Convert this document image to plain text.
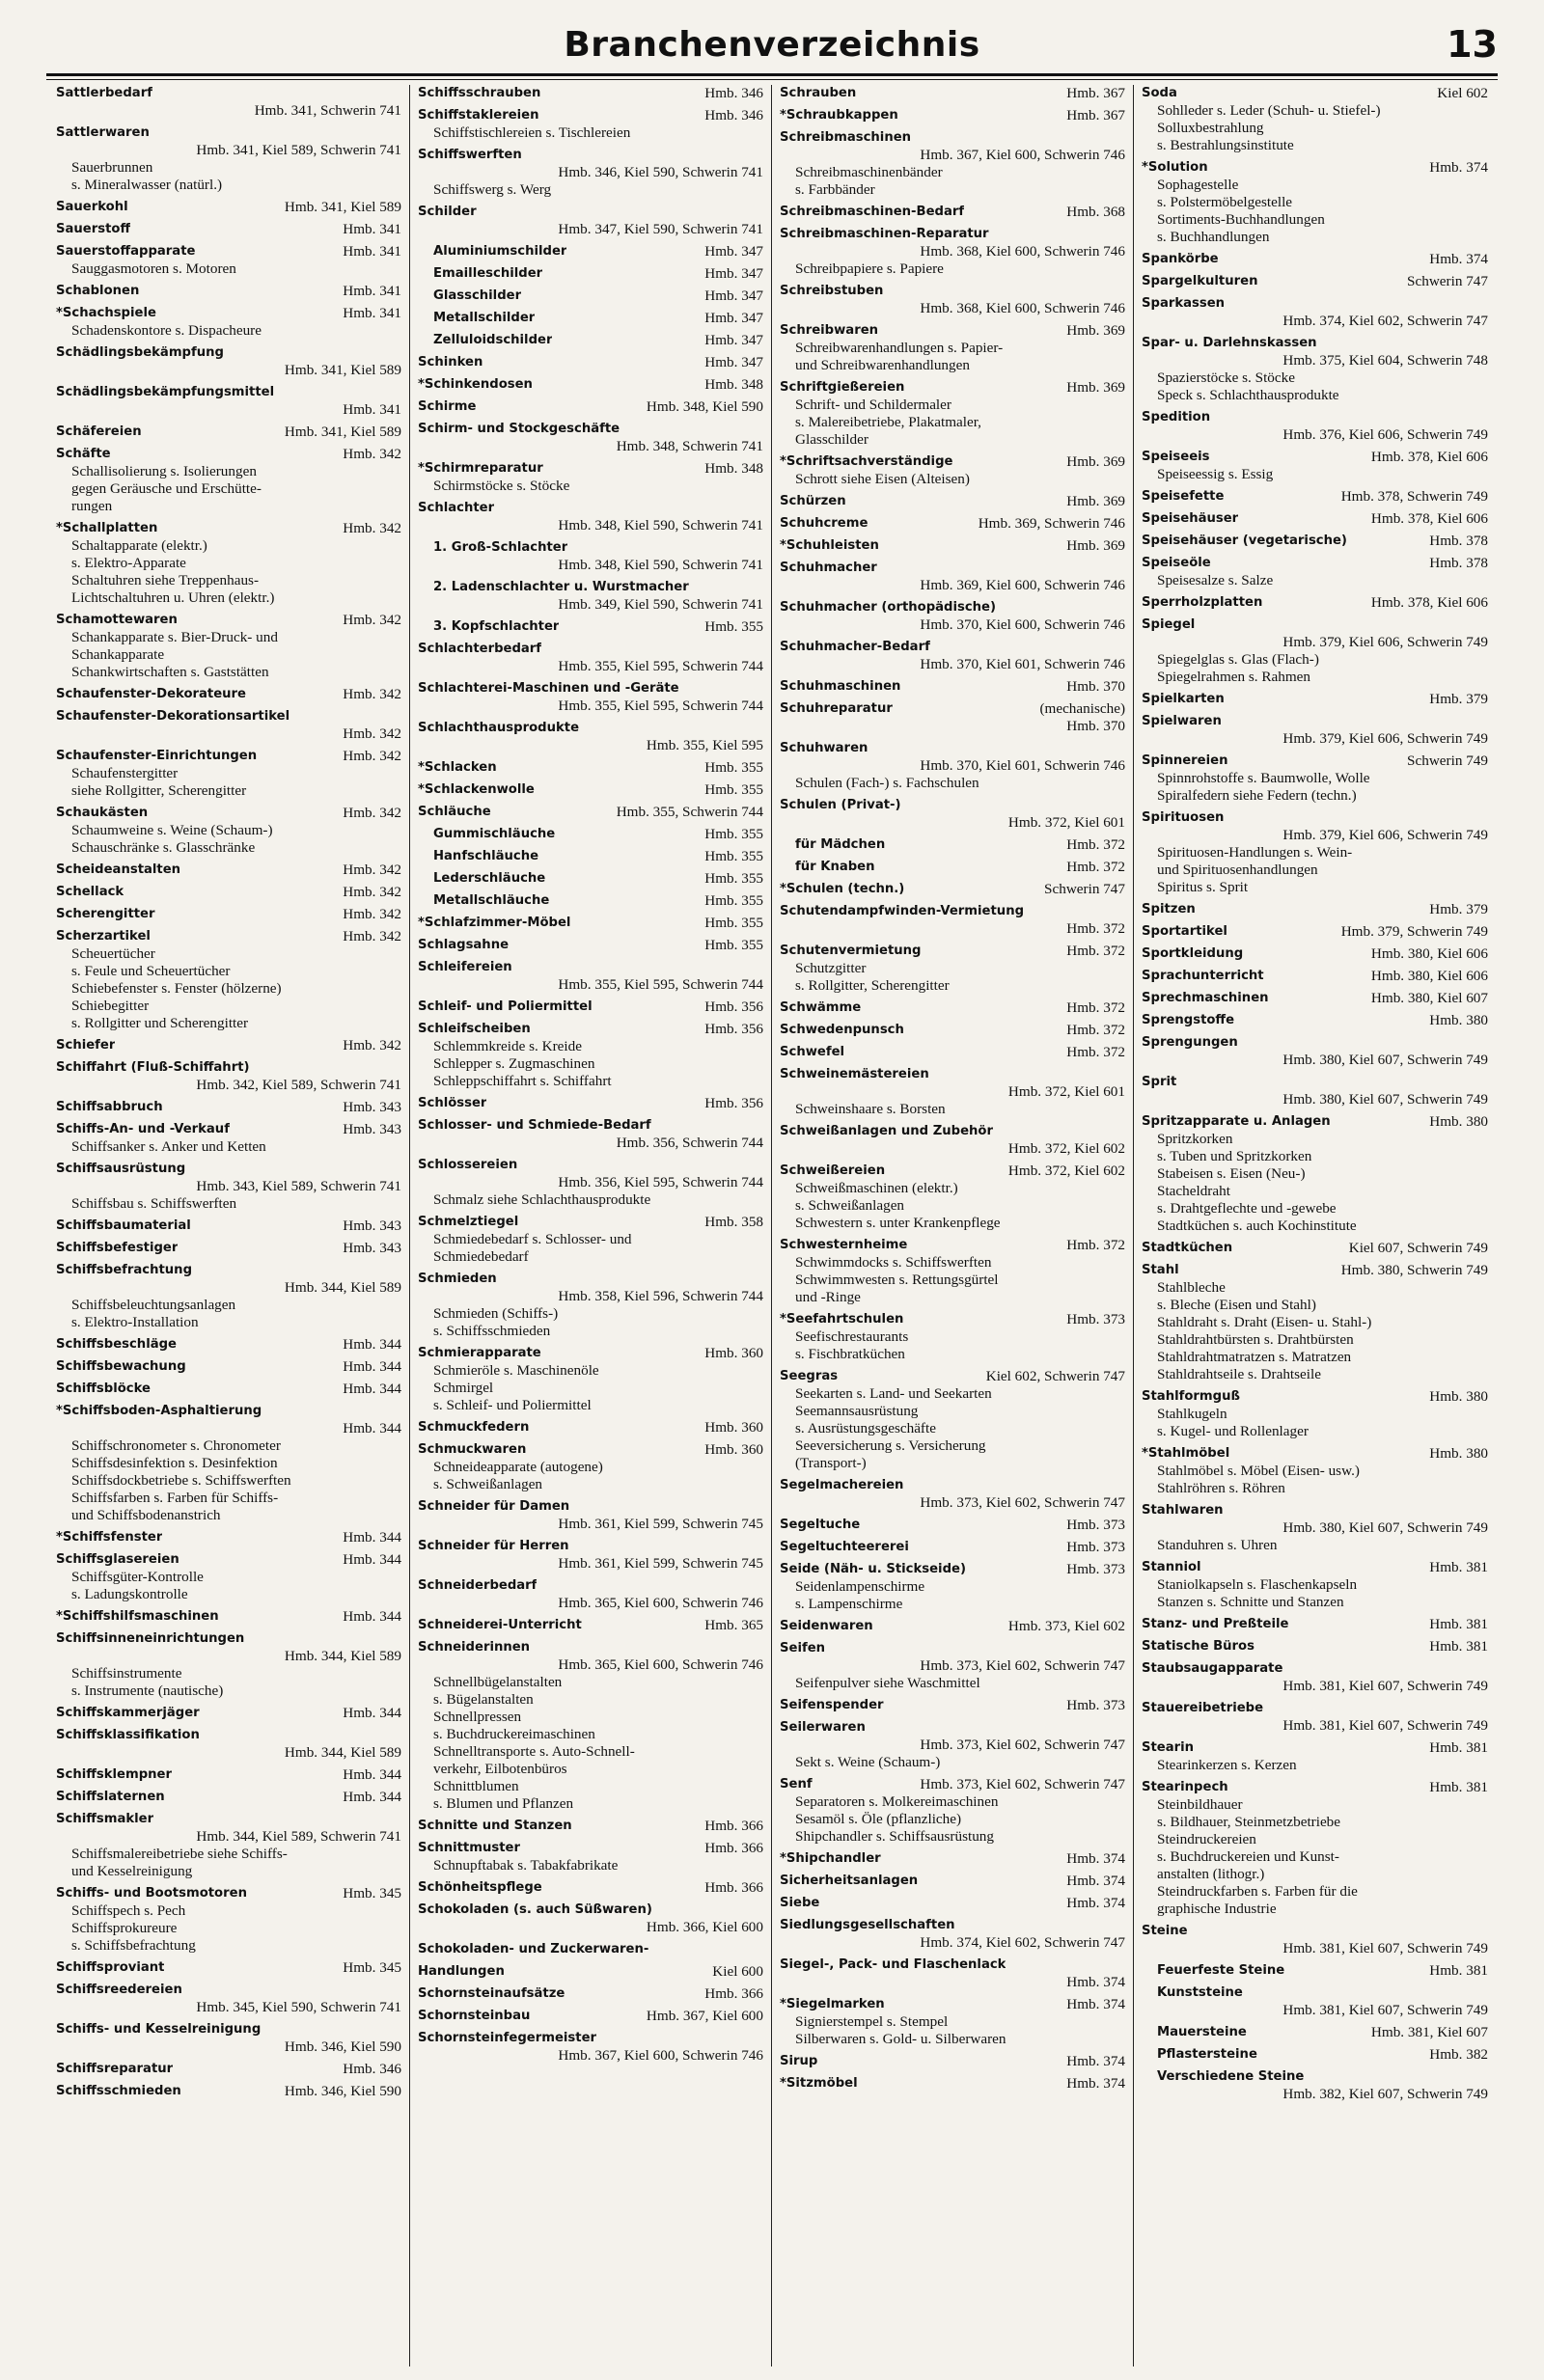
Branchenverzeichnis	13
Sattlerbedarf
Hmb. 341, Schwerin 741
Sattlerwaren
Hmb. 341, Kiel 589, Schwerin 741
Sauerbrunnen
s. Mineralwasser (natürl.)
Sauerkohl	Hmb. 341, Kiel 589
Sauerstoff	Hmb. 341
Sauerstoffapparate	Hmb. 341
Sauggasmotoren s. Motoren
Schablonen	Hmb. 341
*Schachspiele	Hmb. 341
Schadenskontore s. Dispacheure
Schädlingsbekämpfung
Hmb. 341, Kiel 589
Schädlingsbekämpfungsmittel
Hmb. 341
Schäfereien	Hmb. 341, Kiel 589
Schäfte	Hmb. 342
Schallisolierung s. Isolierungen
gegen Geräusche und Erschütte-
rungen
*Schallplatten	Hmb. 342
Schaltapparate (elektr.)
s. Elektro-Apparate
Schaltuhren siehe Treppenhaus-
Lichtschaltuhren u. Uhren (elektr.)
Schamottewaren	Hmb. 342
Schankapparate s. Bier-Druck- und
Schankapparate
Schankwirtschaften s. Gaststätten
Schaufenster-Dekorateure	Hmb. 342
Schaufenster-Dekorationsartikel
Hmb. 342
Schaufenster-Einrichtungen	Hmb. 342
Schaufenstergitter
siehe Rollgitter, Scherengitter
Schaukästen	Hmb. 342
Schaumweine s. Weine (Schaum-)
Schauschränke s. Glasschränke
Scheideanstalten	Hmb. 342
Schellack	Hmb. 342
Scherengitter	Hmb. 342
Scherzartikel	Hmb. 342
Scheuertücher
s. Feule und Scheuertücher
Schiebefenster s. Fenster (hölzerne)
Schiebegitter
s. Rollgitter und Scherengitter
Schiefer	Hmb. 342
Schiffahrt (Fluß-Schiffahrt)
Hmb. 342, Kiel 589, Schwerin 741
Schiffsabbruch	Hmb. 343
Schiffs-An- und -Verkauf	Hmb. 343
Schiffsanker s. Anker und Ketten
Schiffsausrüstung
Hmb. 343, Kiel 589, Schwerin 741
Schiffsbau s. Schiffswerften
Schiffsbaumaterial	Hmb. 343
Schiffsbefestiger	Hmb. 343
Schiffsbefrachtung
Hmb. 344, Kiel 589
Schiffsbeleuchtungsanlagen
s. Elektro-Installation
Schiffsbeschläge	Hmb. 344
Schiffsbewachung	Hmb. 344
Schiffsblöcke	Hmb. 344
*Schiffsboden-Asphaltierung
Hmb. 344
Schiffschronometer s. Chronometer
Schiffsdesinfektion s. Desinfektion
Schiffsdockbetriebe s. Schiffswerften
Schiffsfarben s. Farben für Schiffs-
und Schiffsbodenanstrich
*Schiffsfenster	Hmb. 344
Schiffsglasereien	Hmb. 344
Schiffsgüter-Kontrolle
s. Ladungskontrolle
*Schiffshilfsmaschinen	Hmb. 344
Schiffsinneneinrichtungen
Hmb. 344, Kiel 589
Schiffsinstrumente
s. Instrumente (nautische)
Schiffskammerjäger	Hmb. 344
Schiffsklassifikation
Hmb. 344, Kiel 589
Schiffsklempner	Hmb. 344
Schiffslaternen	Hmb. 344
Schiffsmakler
Hmb. 344, Kiel 589, Schwerin 741
Schiffsmalereibetriebe siehe Schiffs-
und Kesselreinigung
Schiffs- und Bootsmotoren	Hmb. 345
Schiffspech s. Pech
Schiffsprokureure
s. Schiffsbefrachtung
Schiffsproviant	Hmb. 345
Schiffsreedereien
Hmb. 345, Kiel 590, Schwerin 741
Schiffs- und Kesselreinigung
Hmb. 346, Kiel 590
Schiffsreparatur	Hmb. 346
Schiffsschmieden	Hmb. 346, Kiel 590
Schiffsschrauben	Hmb. 346
Schiffstaklereien	Hmb. 346
Schiffstischlereien s. Tischlereien
Schiffswerften
Hmb. 346, Kiel 590, Schwerin 741
Schiffswerg s. Werg
Schilder
Hmb. 347, Kiel 590, Schwerin 741
Aluminiumschilder	Hmb. 347
Emailleschilder	Hmb. 347
Glasschilder	Hmb. 347
Metallschilder	Hmb. 347
Zelluloidschilder	Hmb. 347
Schinken	Hmb. 347
*Schinkendosen	Hmb. 348
Schirme	Hmb. 348, Kiel 590
Schirm- und Stockgeschäfte
Hmb. 348, Schwerin 741
*Schirmreparatur	Hmb. 348
Schirmstöcke s. Stöcke
Schlachter
Hmb. 348, Kiel 590, Schwerin 741
1. Groß-Schlachter
Hmb. 348, Kiel 590, Schwerin 741
2. Ladenschlachter u. Wurstmacher
Hmb. 349, Kiel 590, Schwerin 741
3. Kopfschlachter	Hmb. 355
Schlachterbedarf
Hmb. 355, Kiel 595, Schwerin 744
Schlachterei-Maschinen und -Geräte
Hmb. 355, Kiel 595, Schwerin 744
Schlachthausprodukte
Hmb. 355, Kiel 595
*Schlacken	Hmb. 355
*Schlackenwolle	Hmb. 355
Schläuche	Hmb. 355, Schwerin 744
Gummischläuche	Hmb. 355
Hanfschläuche	Hmb. 355
Lederschläuche	Hmb. 355
Metallschläuche	Hmb. 355
*Schlafzimmer-Möbel	Hmb. 355
Schlagsahne	Hmb. 355
Schleifereien
Hmb. 355, Kiel 595, Schwerin 744
Schleif- und Poliermittel	Hmb. 356
Schleifscheiben	Hmb. 356
Schlemmkreide s. Kreide
Schlepper s. Zugmaschinen
Schleppschiffahrt s. Schiffahrt
Schlösser	Hmb. 356
Schlosser- und Schmiede-Bedarf
Hmb. 356, Schwerin 744
Schlossereien
Hmb. 356, Kiel 595, Schwerin 744
Schmalz siehe Schlachthausprodukte
Schmelztiegel	Hmb. 358
Schmiedebedarf s. Schlosser- und
Schmiedebedarf
Schmieden
Hmb. 358, Kiel 596, Schwerin 744
Schmieden (Schiffs-)
s. Schiffsschmieden
Schmierapparate	Hmb. 360
Schmieröle s. Maschinenöle
Schmirgel
s. Schleif- und Poliermittel
Schmuckfedern	Hmb. 360
Schmuckwaren	Hmb. 360
Schneideapparate (autogene)
s. Schweißanlagen
Schneider für Damen
Hmb. 361, Kiel 599, Schwerin 745
Schneider für Herren
Hmb. 361, Kiel 599, Schwerin 745
Schneiderbedarf
Hmb. 365, Kiel 600, Schwerin 746
Schneiderei-Unterricht	Hmb. 365
Schneiderinnen
Hmb. 365, Kiel 600, Schwerin 746
Schnellbügelanstalten
s. Bügelanstalten
Schnellpressen
s. Buchdruckereimaschinen
Schnelltransporte s. Auto-Schnell-
verkehr, Eilbotenbüros
Schnittblumen
s. Blumen und Pflanzen
Schnitte und Stanzen	Hmb. 366
Schnittmuster	Hmb. 366
Schnupftabak s. Tabakfabrikate
Schönheitspflege	Hmb. 366
Schokoladen (s. auch Süßwaren)
Hmb. 366, Kiel 600
Schokoladen- und Zuckerwaren-
Handlungen	Kiel 600
Schornsteinaufsätze	Hmb. 366
Schornsteinbau	Hmb. 367, Kiel 600
Schornsteinfegermeister
Hmb. 367, Kiel 600, Schwerin 746
Schrauben	Hmb. 367
*Schraubkappen	Hmb. 367
Schreibmaschinen
Hmb. 367, Kiel 600, Schwerin 746
Schreibmaschinenbänder
s. Farbbänder
Schreibmaschinen-Bedarf	Hmb. 368
Schreibmaschinen-Reparatur
Hmb. 368, Kiel 600, Schwerin 746
Schreibpapiere s. Papiere
Schreibstuben
Hmb. 368, Kiel 600, Schwerin 746
Schreibwaren	Hmb. 369
Schreibwarenhandlungen s. Papier-
und Schreibwarenhandlungen
Schriftgießereien	Hmb. 369
Schrift- und Schildermaler
s. Malereibetriebe, Plakatmaler,
Glasschilder
*Schriftsachverständige	Hmb. 369
Schrott siehe Eisen (Alteisen)
Schürzen	Hmb. 369
Schuhcreme	Hmb. 369, Schwerin 746
*Schuhleisten	Hmb. 369
Schuhmacher
Hmb. 369, Kiel 600, Schwerin 746
Schuhmacher (orthopädische)
Hmb. 370, Kiel 600, Schwerin 746
Schuhmacher-Bedarf
Hmb. 370, Kiel 601, Schwerin 746
Schuhmaschinen	Hmb. 370
Schuhreparatur	(mechanische)
Hmb. 370
Schuhwaren
Hmb. 370, Kiel 601, Schwerin 746
Schulen (Fach-) s. Fachschulen
Schulen (Privat-)
Hmb. 372, Kiel 601
für Mädchen	Hmb. 372
für Knaben	Hmb. 372
*Schulen (techn.)	Schwerin 747
Schutendampfwinden-Vermietung
Hmb. 372
Schutenvermietung	Hmb. 372
Schutzgitter
s. Rollgitter, Scherengitter
Schwämme	Hmb. 372
Schwedenpunsch	Hmb. 372
Schwefel	Hmb. 372
Schweinemästereien
Hmb. 372, Kiel 601
Schweinshaare s. Borsten
Schweißanlagen und Zubehör
Hmb. 372, Kiel 602
Schweißereien	Hmb. 372, Kiel 602
Schweißmaschinen (elektr.)
s. Schweißanlagen
Schwestern s. unter Krankenpflege
Schwesternheime	Hmb. 372
Schwimmdocks s. Schiffswerften
Schwimmwesten s. Rettungsgürtel
und -Ringe
*Seefahrtschulen	Hmb. 373
Seefischrestaurants
s. Fischbratküchen
Seegras	Kiel 602, Schwerin 747
Seekarten s. Land- und Seekarten
Seemannsausrüstung
s. Ausrüstungsgeschäfte
Seeversicherung s. Versicherung
(Transport-)
Segelmachereien
Hmb. 373, Kiel 602, Schwerin 747
Segeltuche	Hmb. 373
Segeltuchteererei	Hmb. 373
Seide (Näh- u. Stickseide)	Hmb. 373
Seidenlampenschirme
s. Lampenschirme
Seidenwaren	Hmb. 373, Kiel 602
Seifen
Hmb. 373, Kiel 602, Schwerin 747
Seifenpulver siehe Waschmittel
Seifenspender	Hmb. 373
Seilerwaren
Hmb. 373, Kiel 602, Schwerin 747
Sekt s. Weine (Schaum-)
Senf	Hmb. 373, Kiel 602, Schwerin 747
Separatoren s. Molkereimaschinen
Sesamöl s. Öle (pflanzliche)
Shipchandler s. Schiffsausrüstung
*Shipchandler	Hmb. 374
Sicherheitsanlagen	Hmb. 374
Siebe	Hmb. 374
Siedlungsgesellschaften
Hmb. 374, Kiel 602, Schwerin 747
Siegel-, Pack- und Flaschenlack
Hmb. 374
*Siegelmarken	Hmb. 374
Signierstempel s. Stempel
Silberwaren s. Gold- u. Silberwaren
Sirup	Hmb. 374
*Sitzmöbel	Hmb. 374
Soda	Kiel 602
Sohlleder s. Leder (Schuh- u. Stiefel-)
Solluxbestrahlung
s. Bestrahlungsinstitute
*Solution	Hmb. 374
Sophagestelle
s. Polstermöbelgestelle
Sortiments-Buchhandlungen
s. Buchhandlungen
Spankörbe	Hmb. 374
Spargelkulturen	Schwerin 747
Sparkassen
Hmb. 374, Kiel 602, Schwerin 747
Spar- u. Darlehnskassen
Hmb. 375, Kiel 604, Schwerin 748
Spazierstöcke s. Stöcke
Speck s. Schlachthausprodukte
Spedition
Hmb. 376, Kiel 606, Schwerin 749
Speiseeis	Hmb. 378, Kiel 606
Speiseessig s. Essig
Speisefette	Hmb. 378, Schwerin 749
Speisehäuser	Hmb. 378, Kiel 606
Speisehäuser (vegetarische)	Hmb. 378
Speiseöle	Hmb. 378
Speisesalze s. Salze
Sperrholzplatten	Hmb. 378, Kiel 606
Spiegel
Hmb. 379, Kiel 606, Schwerin 749
Spiegelglas s. Glas (Flach-)
Spiegelrahmen s. Rahmen
Spielkarten	Hmb. 379
Spielwaren
Hmb. 379, Kiel 606, Schwerin 749
Spinnereien	Schwerin 749
Spinnrohstoffe s. Baumwolle, Wolle
Spiralfedern siehe Federn (techn.)
Spirituosen
Hmb. 379, Kiel 606, Schwerin 749
Spirituosen-Handlungen s. Wein-
und Spirituosenhandlungen
Spiritus s. Sprit
Spitzen	Hmb. 379
Sportartikel	Hmb. 379, Schwerin 749
Sportkleidung	Hmb. 380, Kiel 606
Sprachunterricht	Hmb. 380, Kiel 606
Sprechmaschinen	Hmb. 380, Kiel 607
Sprengstoffe	Hmb. 380
Sprengungen
Hmb. 380, Kiel 607, Schwerin 749
Sprit
Hmb. 380, Kiel 607, Schwerin 749
Spritzapparate u. Anlagen	Hmb. 380
Spritzkorken
s. Tuben und Spritzkorken
Stabeisen s. Eisen (Neu-)
Stacheldraht
s. Drahtgeflechte und -gewebe
Stadtküchen s. auch Kochinstitute
Stadtküchen	Kiel 607, Schwerin 749
Stahl	Hmb. 380, Schwerin 749
Stahlbleche
s. Bleche (Eisen und Stahl)
Stahldraht s. Draht (Eisen- u. Stahl-)
Stahldrahtbürsten s. Drahtbürsten
Stahldrahtmatratzen s. Matratzen
Stahldrahtseile s. Drahtseile
Stahlformguß	Hmb. 380
Stahlkugeln
s. Kugel- und Rollenlager
*Stahlmöbel	Hmb. 380
Stahlmöbel s. Möbel (Eisen- usw.)
Stahlröhren s. Röhren
Stahlwaren
Hmb. 380, Kiel 607, Schwerin 749
Standuhren s. Uhren
Stanniol	Hmb. 381
Staniolkapseln s. Flaschenkapseln
Stanzen s. Schnitte und Stanzen
Stanz- und Preßteile	Hmb. 381
Statische Büros	Hmb. 381
Staubsaugapparate
Hmb. 381, Kiel 607, Schwerin 749
Stauereibetriebe
Hmb. 381, Kiel 607, Schwerin 749
Stearin	Hmb. 381
Stearinkerzen s. Kerzen
Stearinpech	Hmb. 381
Steinbildhauer
s. Bildhauer, Steinmetzbetriebe
Steindruckereien
s. Buchdruckereien und Kunst-
anstalten (lithogr.)
Steindruckfarben s. Farben für die
graphische Industrie
Steine
Hmb. 381, Kiel 607, Schwerin 749
Feuerfeste Steine	Hmb. 381
Kunststeine
Hmb. 381, Kiel 607, Schwerin 749
Mauersteine	Hmb. 381, Kiel 607
Pflastersteine	Hmb. 382
Verschiedene Steine
Hmb. 382, Kiel 607, Schwerin 749
